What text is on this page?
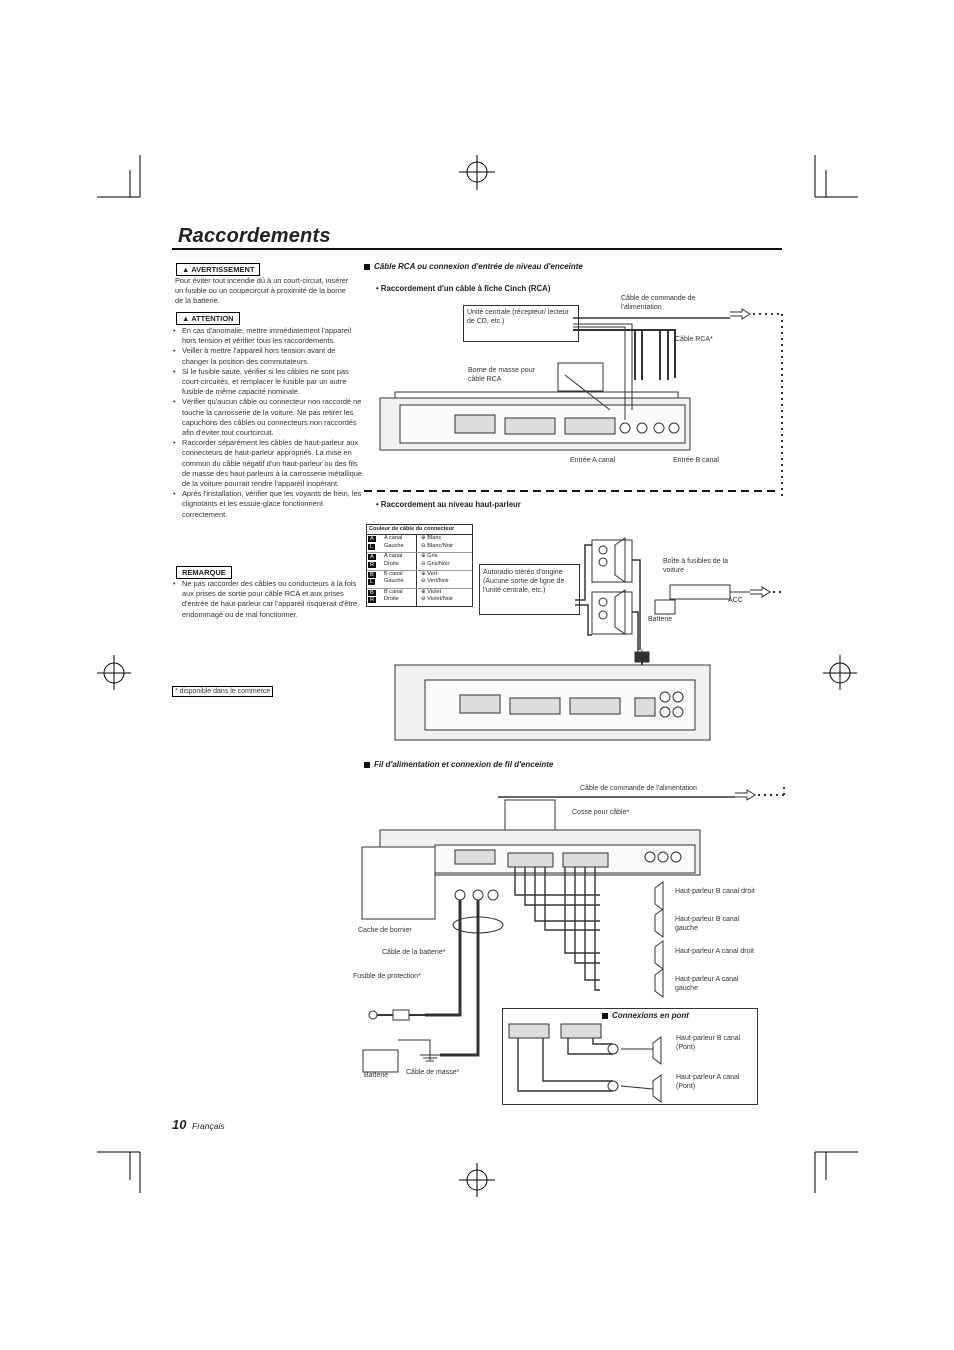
Raccordements
▲ AVERTISSEMENT
Pour éviter tout incendie dû à un court-circuit, insérer un fusible ou un coupecircuit à proximité de la borne de la batterie.
▲ ATTENTION
• En cas d'anomalie, mettre immédiatement l'appareil hors tension et vérifier tous les raccordements.
• Veiller à mettre l'appareil hors tension avant de changer la position des commutateurs.
• Si le fusible saute, vérifier si les câbles ne sont pas court-circuités, et remplacer le fusible par un autre fusible de même capacité nominale.
• Vérifier qu'aucun câble ou connecteur non raccordé ne touche la carrosserie de la voiture. Ne pas retirer les capuchons des câbles ou connecteurs non raccordés afin d'éviter tout courtcircuit.
• Raccorder séparément les câbles de haut-parleur aux connecteurs de haut-parleur appropriés. La mise en commun du câble négatif d'un haut-parleur ou des fils de masse des haut-parleurs à la carrosserie métallique de la voiture pourrait rendre l'appareil inopérant.
• Après l'installation, vérifier que les voyants de frein, les clignotants et les essuie-glace fonctionnent correctement.
REMARQUE
• Ne pas raccorder des câbles ou conducteurs à la fois aux prises de sortie pour câble RCA et aux prises d'entrée de haut-parleur car l'appareil risquerait d'être endommagé ou de mal fonctionner.
* disponible dans le commerce
Câble RCA ou connexion d'entrée de niveau d'enceinte
• Raccordement d'un câble à fiche Cinch (RCA)
Unité centrale (récepteur/ lecteur de CD, etc.)
Câble de commande de l'alimentation
Câble RCA*
Borne de masse pour câble RCA
Entrée A canal	Entrée B canal
• Raccordement au niveau haut-parleur
Couleur de câble du connecteur
A
L
A canal
Gauche
⊕ Blanc
⊖ Blanc/Noir
A
R
A canal
Droite
⊕ Gris
⊖ Gris/Noir
B
L
B canal
Gauche
⊕ Vert
⊖ Vert/Noir
B
R
B canal
Droite
⊕ Violet
⊖ Violet/Noir
Autoradio stéréo d'origine (Aucune sortie de ligne de l'unité centrale, etc.)
Boîte à fusibles de la voiture
ACC
Batterie
Fil d'alimentation et connexion de fil d'enceinte
Câble de commande de l'alimentation
Cosse pour câble*
Cache de bornier
Câble de la batterie*
Fusible de protection*
Batterie	Câble de masse*
Haut-parleur B canal droit
Haut-parleur B canal gauche
Haut-parleur A canal droit
Haut-parleur A canal gauche
Connexions en pont
Haut-parleur B canal (Pont)
Haut-parleur A canal (Pont)
10 Français
